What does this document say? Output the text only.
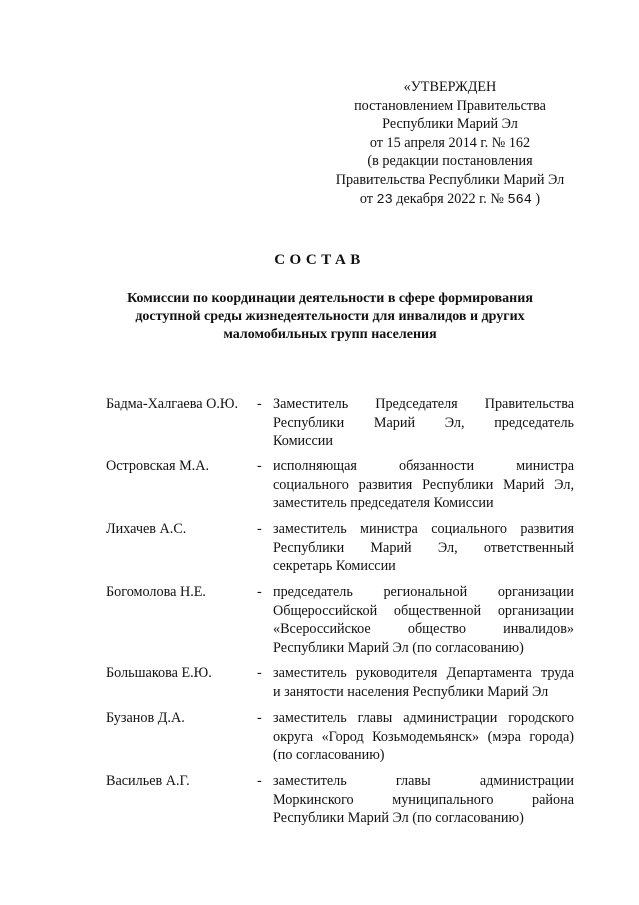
«УТВЕРЖДЕН
постановлением Правительства
Республики Марий Эл
от 15 апреля 2014 г. № 162
(в редакции постановления
Правительства Республики Марий Эл
от 23 декабря 2022 г. № 564 )
СОСТАВ
Комиссии по координации деятельности в сфере формирования
доступной среды жизнедеятельности для инвалидов и других
маломобильных групп населения
Бадма-Халгаева О.Ю. - Заместитель Председателя Правительства
Республики Марий Эл, председатель
Комиссии
Островская М.А.	- исполняющая обязанности министра
социального развития Республики Марий Эл,
заместитель председателя Комиссии
Лихачев А.С.	- заместитель министра социального развития
Республики Марий Эл, ответственный
секретарь Комиссии
Богомолова Н.Е.	- председатель региональной организации
Общероссийской общественной организации
«Всероссийское общество инвалидов»
Республики Марий Эл (по согласованию)
Большакова Е.Ю.	- заместитель руководителя Департамента труда
и занятости населения Республики Марий Эл
Бузанов Д.А.	- заместитель главы администрации городского
округа «Город Козьмодемьянск» (мэра города)
(по согласованию)
Васильев А.Г.	- заместитель главы администрации
Моркинского муниципального района
Республики Марий Эл (по согласованию)
